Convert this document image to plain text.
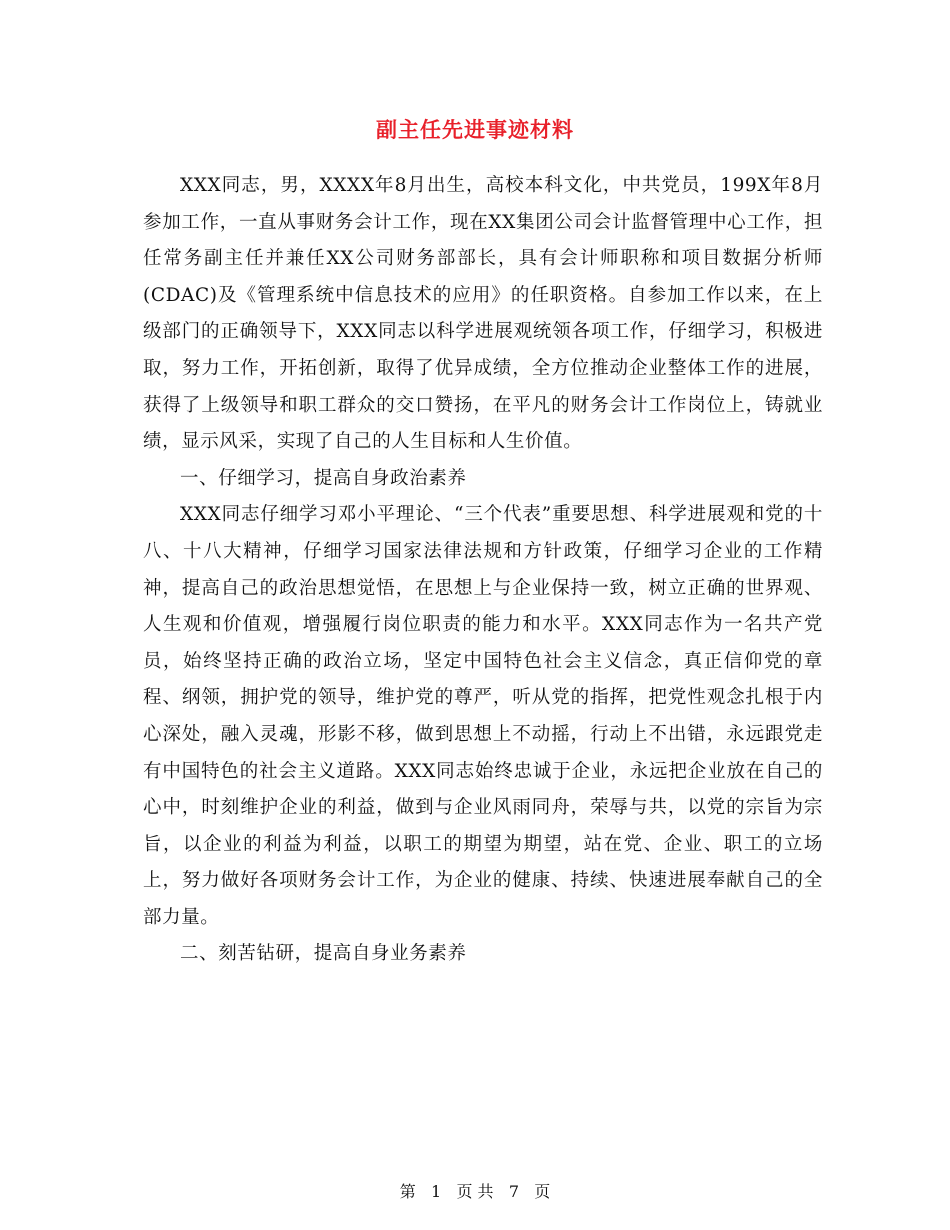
副主任先进事迹材料

XXX同志，男，XXXX年8月出生，高校本科文化，中共党员，199X年8月参加工作，一直从事财务会计工作，现在XX集团公司会计监督管理中心工作，担任常务副主任并兼任XX公司财务部部长，具有会计师职称和项目数据分析师(CDAC)及《管理系统中信息技术的应用》的任职资格。自参加工作以来，在上级部门的正确领导下，XXX同志以科学进展观统领各项工作，仔细学习，积极进取，努力工作，开拓创新，取得了优异成绩，全方位推动企业整体工作的进展，获得了上级领导和职工群众的交口赞扬，在平凡的财务会计工作岗位上，铸就业绩，显示风采，实现了自己的人生目标和人生价值。

一、仔细学习，提高自身政治素养

XXX同志仔细学习邓小平理论、“三个代表”重要思想、科学进展观和党的十八、十八大精神，仔细学习国家法律法规和方针政策，仔细学习企业的工作精神，提高自己的政治思想觉悟，在思想上与企业保持一致，树立正确的世界观、人生观和价值观，增强履行岗位职责的能力和水平。XXX同志作为一名共产党员，始终坚持正确的政治立场，坚定中国特色社会主义信念，真正信仰党的章程、纲领，拥护党的领导，维护党的尊严，听从党的指挥，把党性观念扎根于内心深处，融入灵魂，形影不移，做到思想上不动摇，行动上不出错，永远跟党走有中国特色的社会主义道路。XXX同志始终忠诚于企业，永远把企业放在自己的心中，时刻维护企业的利益，做到与企业风雨同舟，荣辱与共，以党的宗旨为宗旨，以企业的利益为利益，以职工的期望为期望，站在党、企业、职工的立场上，努力做好各项财务会计工作，为企业的健康、持续、快速进展奉献自己的全部力量。

二、刻苦钻研，提高自身业务素养

第 1 页 共 7 页
